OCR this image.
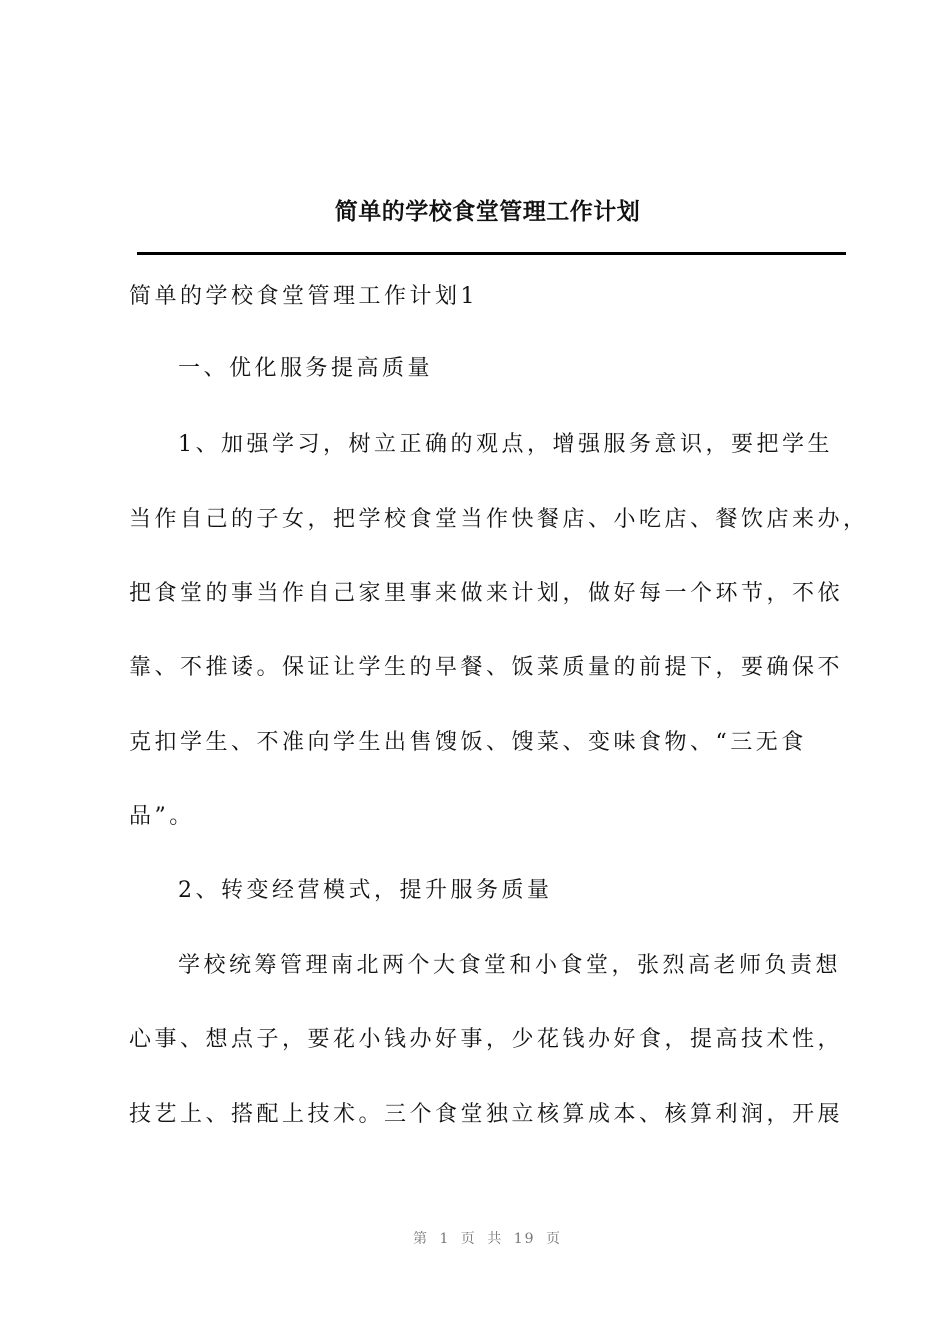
简单的学校食堂管理工作计划
简单的学校食堂管理工作计划1
一、优化服务提高质量
1、加强学习，树立正确的观点，增强服务意识，要把学生
当作自己的子女，把学校食堂当作快餐店、小吃店、餐饮店来办，
把食堂的事当作自己家里事来做来计划，做好每一个环节，不依
靠、不推诿。保证让学生的早餐、饭菜质量的前提下，要确保不
克扣学生、不准向学生出售馊饭、馊菜、变味食物、“三无食
品”。
2、转变经营模式，提升服务质量
学校统筹管理南北两个大食堂和小食堂，张烈高老师负责想
心事、想点子，要花小钱办好事，少花钱办好食，提高技术性，
技艺上、搭配上技术。三个食堂独立核算成本、核算利润，开展
第 1 页 共 19 页
